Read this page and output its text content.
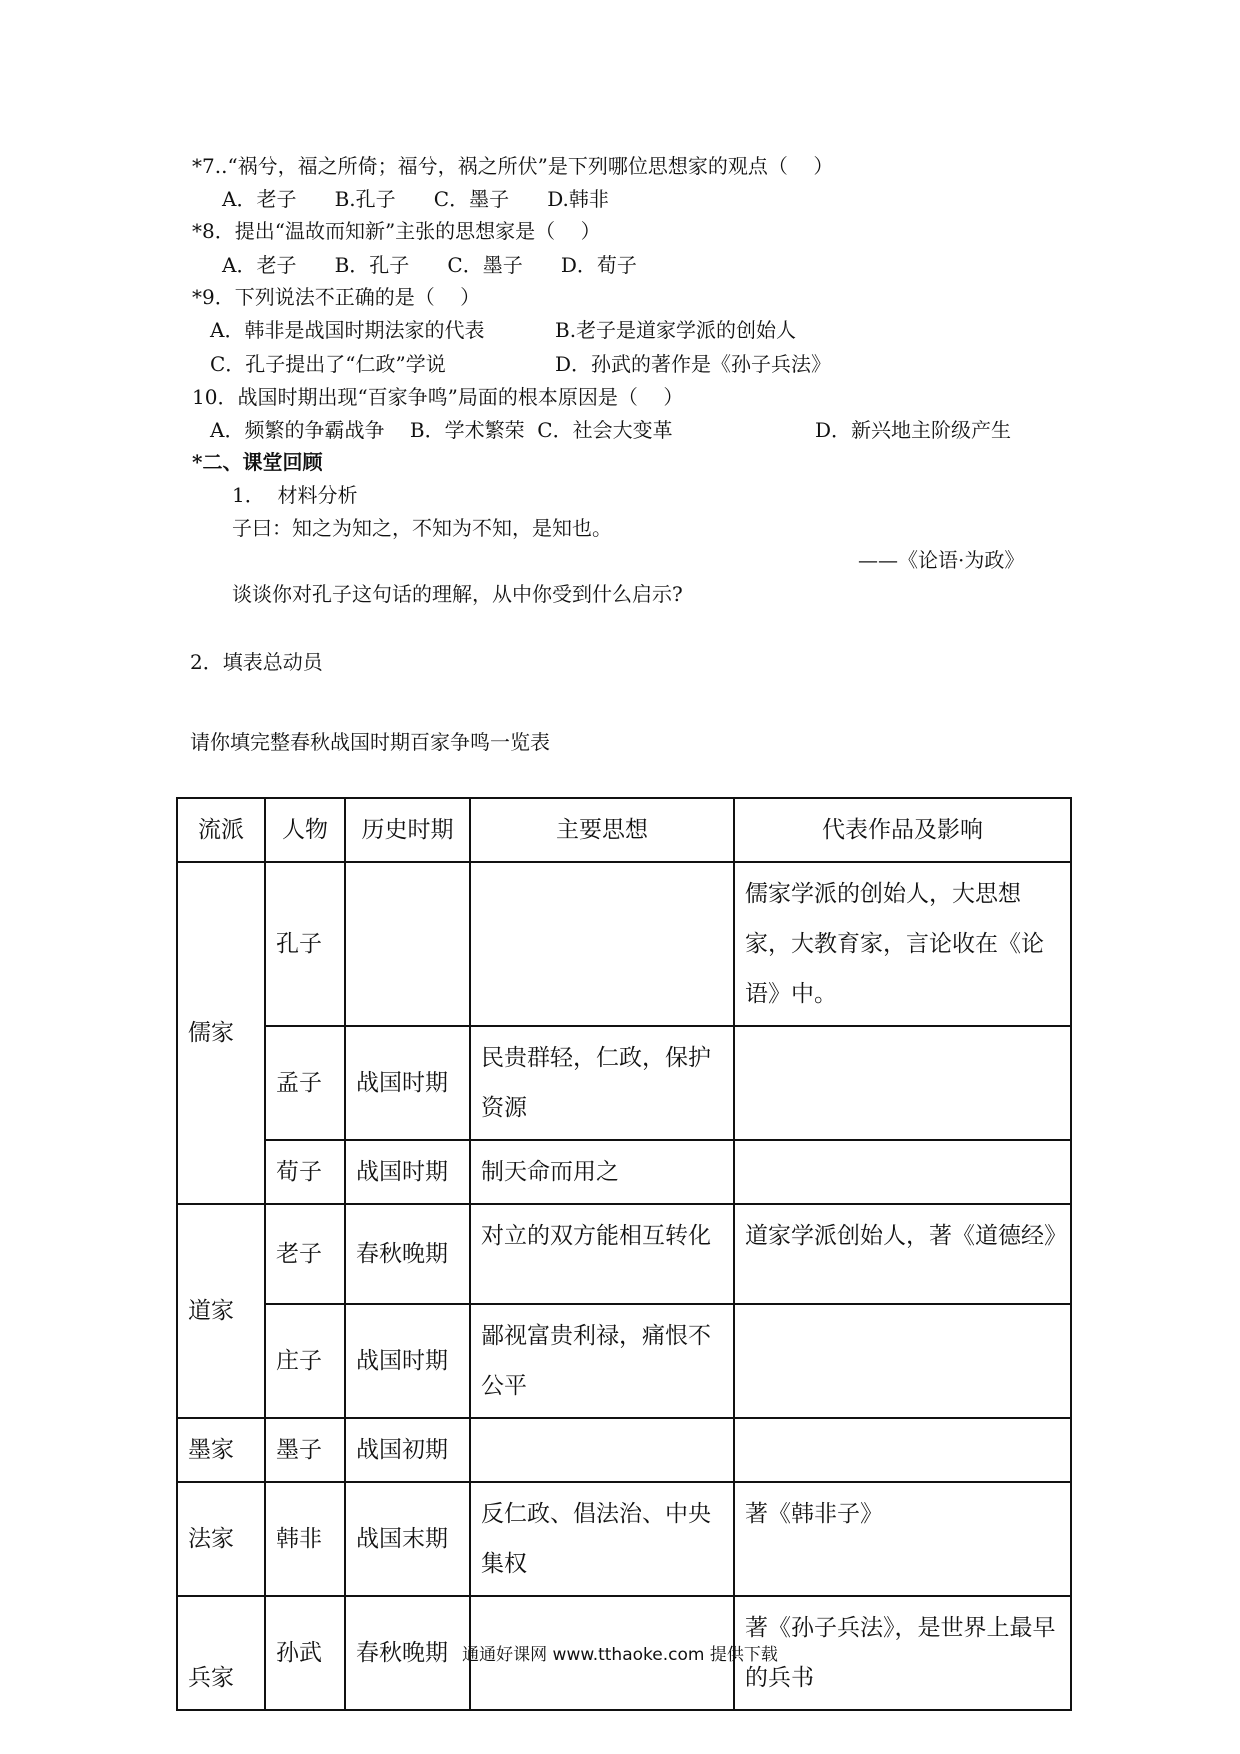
*7..“祸兮，福之所倚；福兮，祸之所伏”是下列哪位思想家的观点（    ）
A．老子      B.孔子      C．墨子      D.韩非
*8．提出“温故而知新”主张的思想家是（    ）
A．老子      B．孔子      C．墨子      D．荀子
*9．下列说法不正确的是（    ）
A．韩非是战国时期法家的代表	B.老子是道家学派的创始人
C．孔子提出了“仁政”学说	D．孙武的著作是《孙子兵法》
10．战国时期出现“百家争鸣”局面的根本原因是（    ）
A．频繁的争霸战争    B．学术繁荣  C．社会大变革	D．新兴地主阶级产生
*二、课堂回顾
1．  材料分析
子曰：知之为知之，不知为不知，是知也。
——《论语·为政》
谈谈你对孔子这句话的理解，从中你受到什么启示?
2．填表总动员
请你填完整春秋战国时期百家争鸣一览表
流派	人物	历史时期	主要思想	代表作品及影响
儒家	孔子			儒家学派的创始人，大思想家，大教育家，言论收在《论语》中。
	孟子	战国时期	民贵群轻，仁政，保护资源	
	荀子	战国时期	制天命而用之	
道家	老子	春秋晚期	对立的双方能相互转化	道家学派创始人，著《道德经》
	庄子	战国时期	鄙视富贵利禄，痛恨不公平	
墨家	墨子	战国初期		
法家	韩非	战国末期	反仁政、倡法治、中央集权	著《韩非子》
兵家	孙武	春秋晚期		著《孙子兵法》，是世界上最早的兵书
通通好课网 www.tthaoke.com 提供下载
